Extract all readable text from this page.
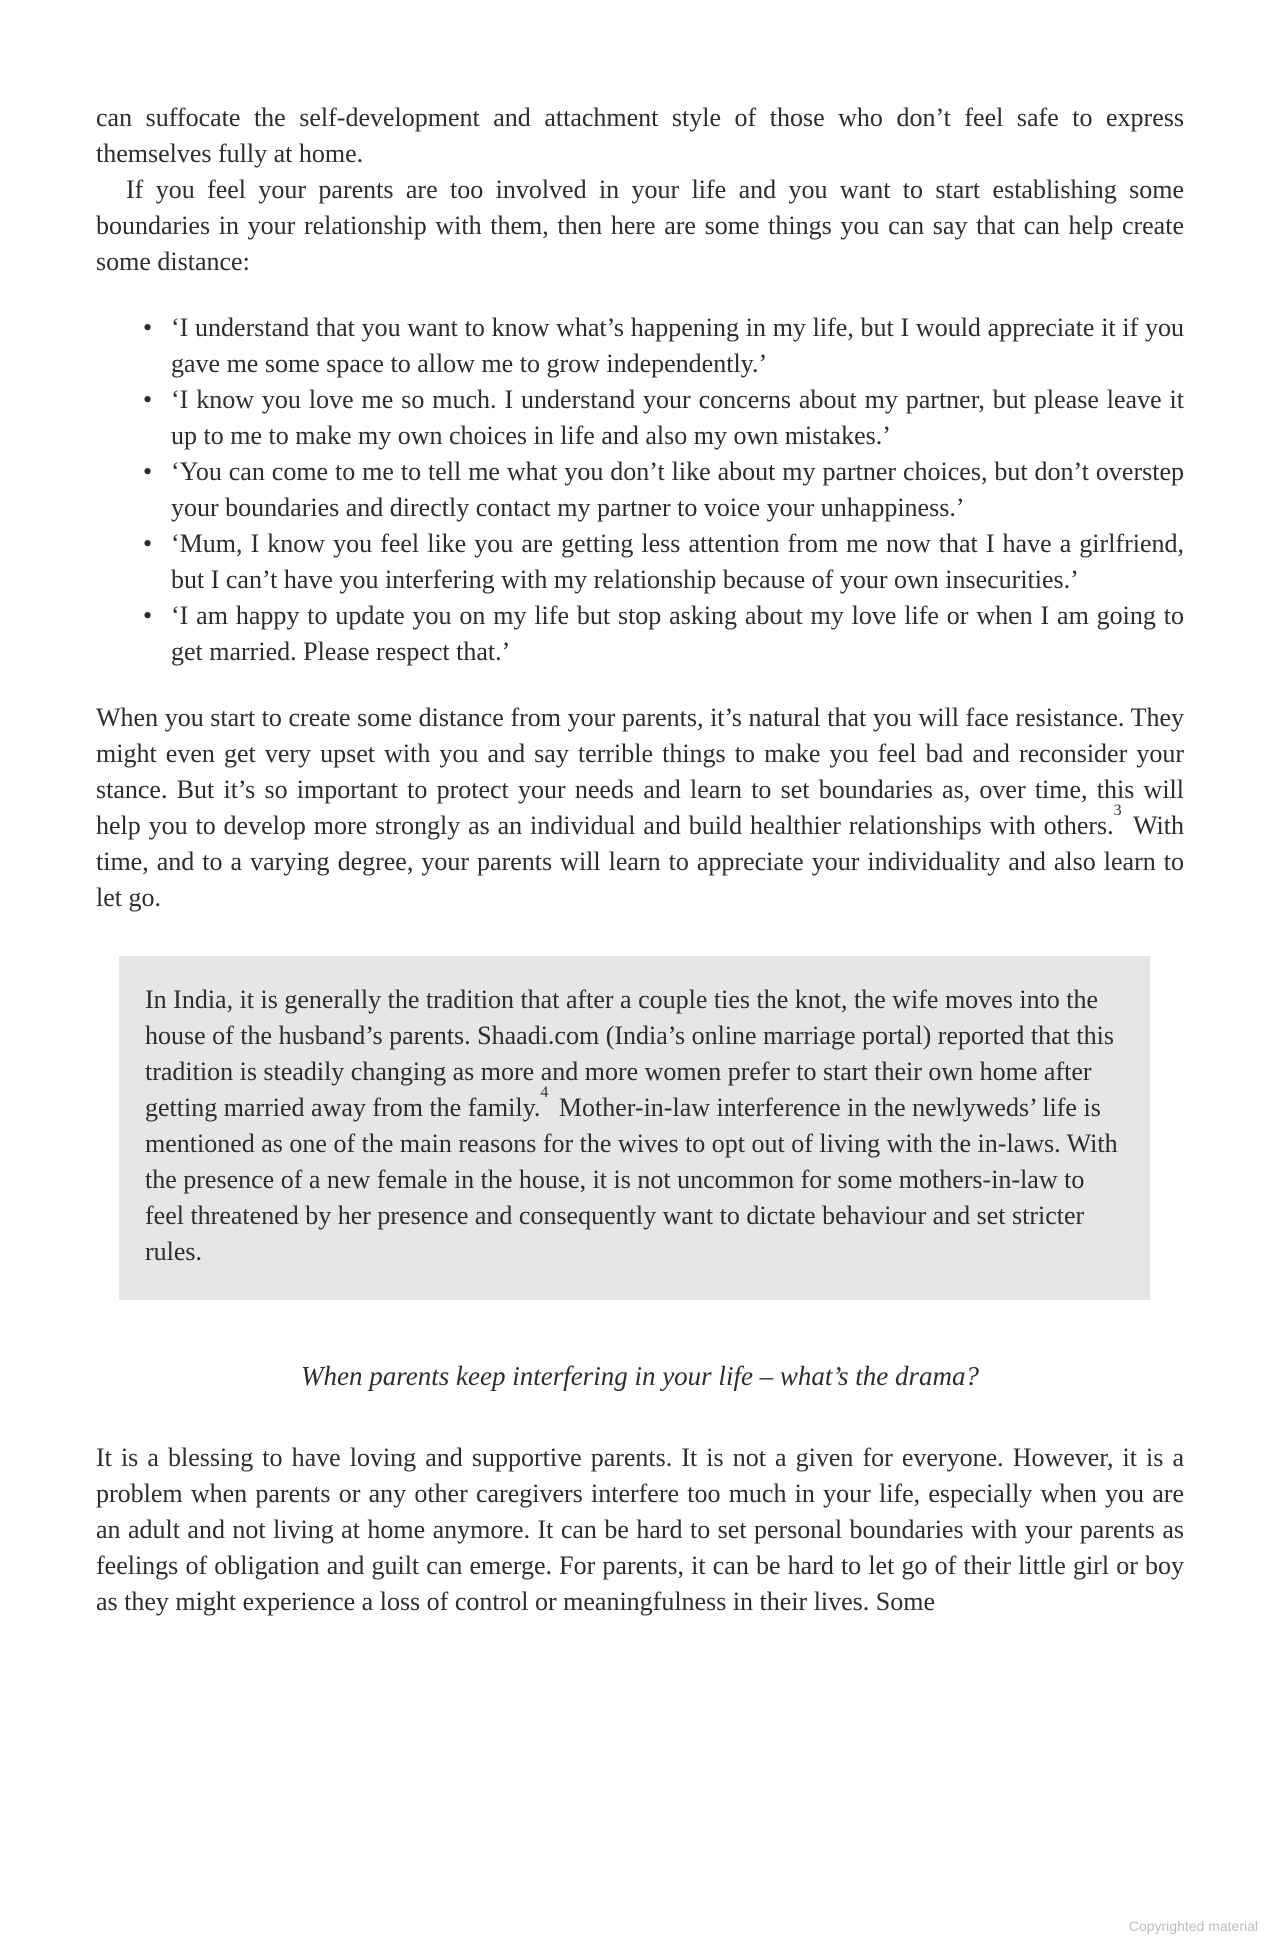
can suffocate the self-development and attachment style of those who don’t feel safe to express themselves fully at home.

If you feel your parents are too involved in your life and you want to start establishing some boundaries in your relationship with them, then here are some things you can say that can help create some distance:

• ‘I understand that you want to know what’s happening in my life, but I would appreciate it if you gave me some space to allow me to grow independently.’
• ‘I know you love me so much. I understand your concerns about my partner, but please leave it up to me to make my own choices in life and also my own mistakes.’
• ‘You can come to me to tell me what you don’t like about my partner choices, but don’t overstep your boundaries and directly contact my partner to voice your unhappiness.’
• ‘Mum, I know you feel like you are getting less attention from me now that I have a girlfriend, but I can’t have you interfering with my relationship because of your own insecurities.’
• ‘I am happy to update you on my life but stop asking about my love life or when I am going to get married. Please respect that.’

When you start to create some distance from your parents, it’s natural that you will face resistance. They might even get very upset with you and say terrible things to make you feel bad and reconsider your stance. But it’s so important to protect your needs and learn to set boundaries as, over time, this will help you to develop more strongly as an individual and build healthier relationships with others.$^3$ With time, and to a varying degree, your parents will learn to appreciate your individuality and also learn to let go.

In India, it is generally the tradition that after a couple ties the knot, the wife moves into the house of the husband’s parents. Shaadi.com (India’s online marriage portal) reported that this tradition is steadily changing as more and more women prefer to start their own home after getting married away from the family.$^4$ Mother-in-law interference in the newlyweds’ life is mentioned as one of the main reasons for the wives to opt out of living with the in-laws. With the presence of a new female in the house, it is not uncommon for some mothers-in-law to feel threatened by her presence and consequently want to dictate behaviour and set stricter rules.

When parents keep interfering in your life – what’s the drama?

It is a blessing to have loving and supportive parents. It is not a given for everyone. However, it is a problem when parents or any other caregivers interfere too much in your life, especially when you are an adult and not living at home anymore. It can be hard to set personal boundaries with your parents as feelings of obligation and guilt can emerge. For parents, it can be hard to let go of their little girl or boy as they might experience a loss of control or meaningfulness in their lives. Some

Copyrighted material
